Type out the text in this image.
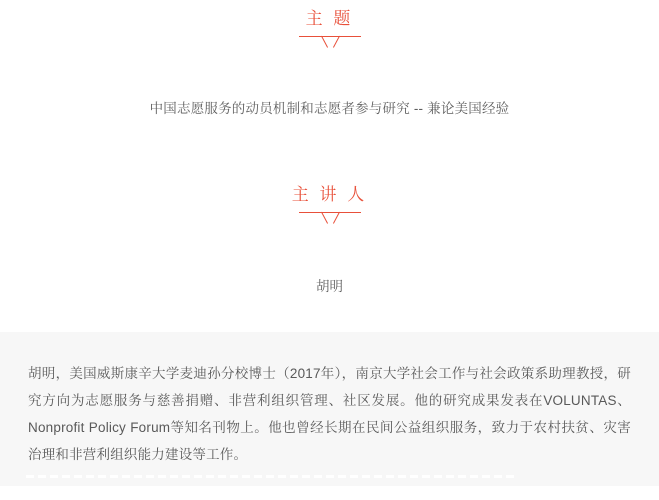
主 题
中国志愿服务的动员机制和志愿者参与研究 -- 兼论美国经验
主 讲 人
胡明
胡明，美国威斯康辛大学麦迪孙分校博士（2017年），南京大学社会工作与社会政策系助理教授，研究方向为志愿服务与慈善捐赠、非营利组织管理、社区发展。他的研究成果发表在VOLUNTAS、Nonprofit Policy Forum等知名刊物上。他也曾经长期在民间公益组织服务，致力于农村扶贫、灾害治理和非营利组织能力建设等工作。
